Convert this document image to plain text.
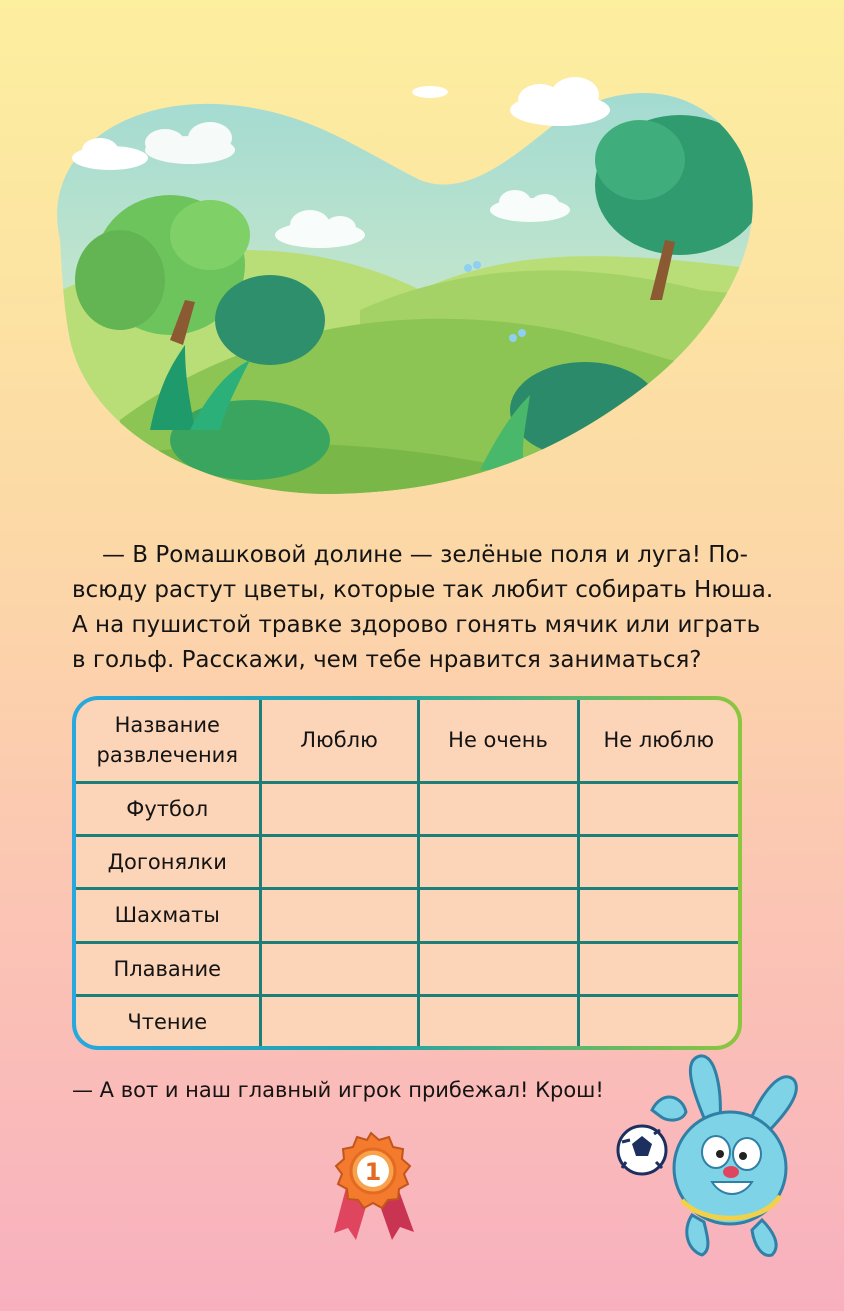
— В Ромашковой долине — зелёные поля и луга! По-
всюду растут цветы, которые так любит собирать Нюша.
А на пушистой травке здорово гонять мячик или играть
в гольф. Расскажи, чем тебе нравится заниматься?

Название
развлечения	Люблю	Не очень	Не люблю
Футбол			
Догонялки			
Шахматы			
Плавание			
Чтение			

— А вот и наш главный игрок прибежал! Крош!

1
